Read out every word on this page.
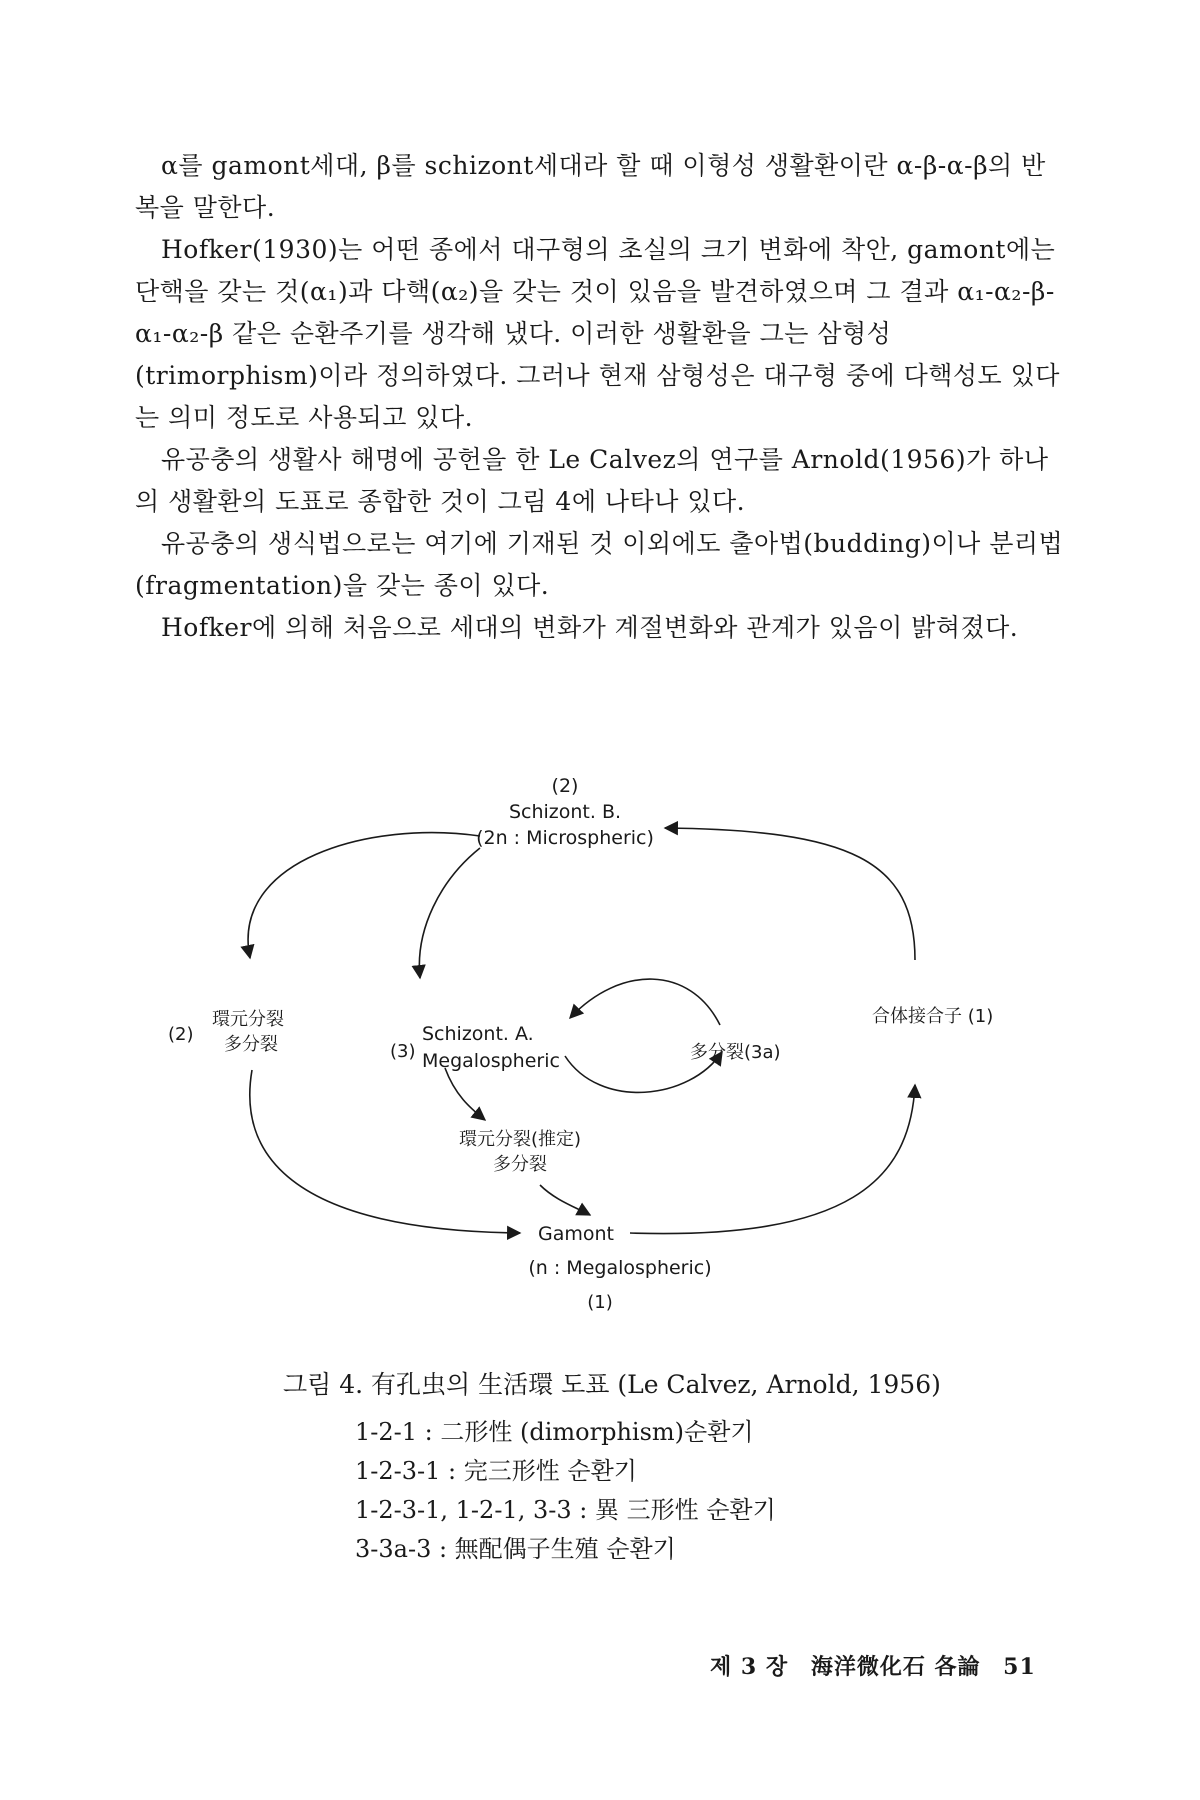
α를 gamont세대, β를 schizont세대라 할 때 이형성 생활환이란 α-β-α-β의 반복을 말한다.

Hofker(1930)는 어떤 종에서 대구형의 초실의 크기 변화에 착안, gamont에는 단핵을 갖는 것(α₁)과 다핵(α₂)을 갖는 것이 있음을 발견하였으며 그 결과 α₁-α₂-β-α₁-α₂-β 같은 순환주기를 생각해 냈다. 이러한 생활환을 그는 삼형성(trimorphism)이라 정의하였다. 그러나 현재 삼형성은 대구형 중에 다핵성도 있다는 의미 정도로 사용되고 있다.

유공충의 생활사 해명에 공헌을 한 Le Calvez의 연구를 Arnold(1956)가 하나의 생활환의 도표로 종합한 것이 그림 4에 나타나 있다.

유공충의 생식법으로는 여기에 기재된 것 이외에도 출아법(budding)이나 분리법(fragmentation)을 갖는 종이 있다.

Hofker에 의해 처음으로 세대의 변화가 계절변화와 관계가 있음이 밝혀졌다.

(2)
Schizont. B.
(2n : Microspheric)
(2)
環元分裂
多分裂	(3)
Schizont. A.
Megalospheric	多分裂(3a)
合体接合子 (1)
環元分裂(推定)
多分裂
Gamont
(n : Megalospheric)
(1)

그림 4. 有孔虫의 生活環 도표 (Le Calvez, Arnold, 1956)

1-2-1 : 二形性 (dimorphism)순환기
1-2-3-1 : 完三形性 순환기
1-2-3-1, 1-2-1, 3-3 : 異 三形性 순환기
3-3a-3 : 無配偶子生殖 순환기
제 3 장 海洋微化石 各論 51
